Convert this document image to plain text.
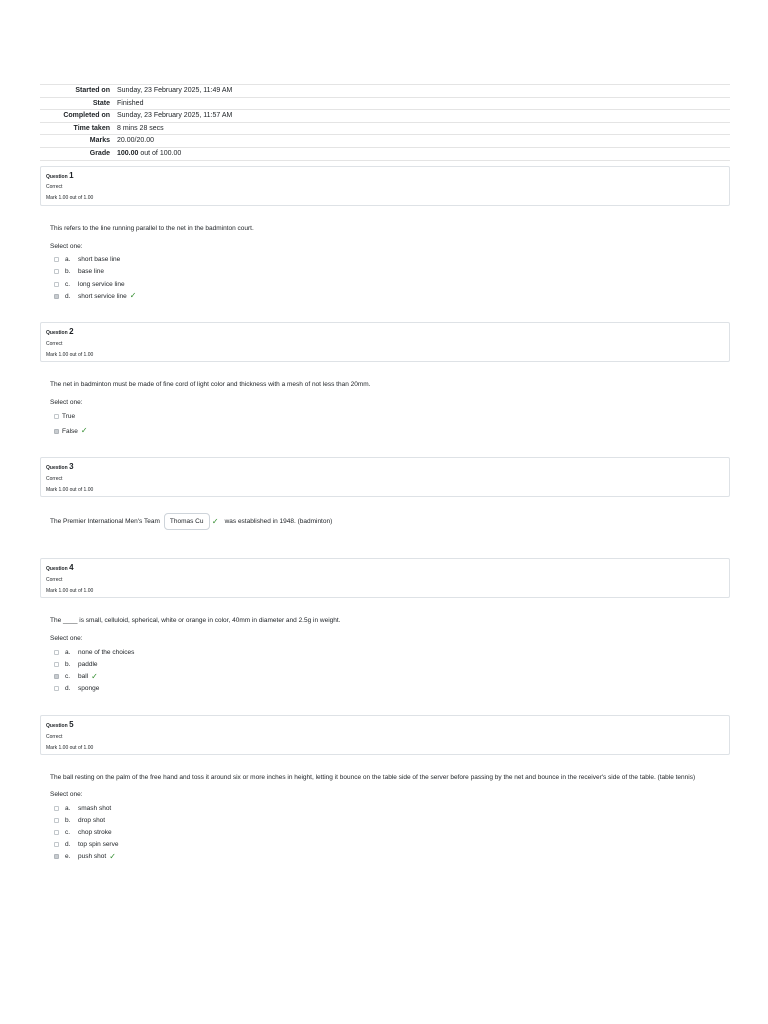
Started on	Sunday, 23 February 2025, 11:49 AM
State	Finished
Completed on	Sunday, 23 February 2025, 11:57 AM
Time taken	8 mins 28 secs
Marks	20.00/20.00
Grade	100.00 out of 100.00
Question 1
Correct
Mark 1.00 out of 1.00
This refers to the line running parallel to the net in the badminton court.
Select one:
a.	short base line
b.	base line
c.	long service line
d.	short service line ✓
Question 2
Correct
Mark 1.00 out of 1.00
The net in badminton must be made of fine cord of light color and thickness with a mesh of not less than 20mm.
Select one:
True
False ✓
Question 3
Correct
Mark 1.00 out of 1.00
The Premier International Men's Team	Thomas Cu	✓ was established in 1948. (badminton)
Question 4
Correct
Mark 1.00 out of 1.00
The ____ is small, celluloid, spherical, white or orange in color, 40mm in diameter and 2.5g in weight.
Select one:
a.	none of the choices
b.	paddle
c.	ball ✓
d.	sponge
Question 5
Correct
Mark 1.00 out of 1.00
The ball resting on the palm of the free hand and toss it around six or more inches in height, letting it bounce on the table side of the server before passing by the net and bounce in the receiver's side of the table. (table tennis)
Select one:
a.	smash shot
b.	drop shot
c.	chop stroke
d.	top spin serve
e.	push shot ✓
